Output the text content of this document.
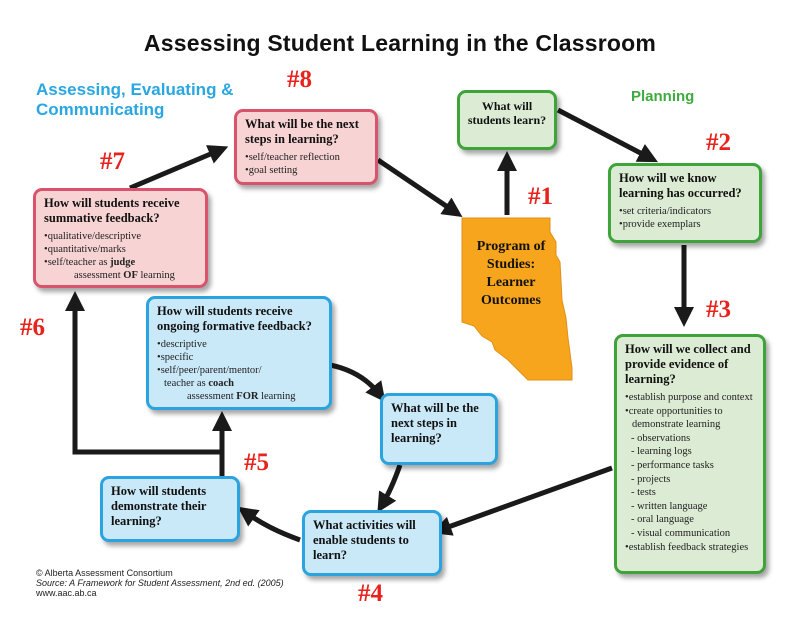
Assessing Student Learning in the Classroom
Assessing, Evaluating & Communicating
Planning
#1
#2
#3
#4
#5
#6
#7
#8
What will students learn?
Program of Studies: Learner Outcomes
How will we know learning has occurred?
• set criteria/indicators
• provide exemplars
How will we collect and provide evidence of learning?
• establish purpose and context
• create opportunities to
demonstrate learning
- observations
- learning logs
- performance tasks
- projects
- tests
- written language
- oral language
- visual communication
• establish feedback strategies
What activities will enable students to learn?
How will students demonstrate their learning?
What will be the next steps in learning?
How will students receive ongoing formative feedback?
• descriptive
• specific
• self/peer/parent/mentor/
teacher as coach
assessment FOR learning
How will students receive summative feedback?
• qualitative/descriptive
• quantitative/marks
• self/teacher as judge
assessment OF learning
What will be the next steps in learning?
• self/teacher reflection
• goal setting
© Alberta Assessment Consortium
Source: A Framework for Student Assessment, 2nd ed. (2005)
www.aac.ab.ca
